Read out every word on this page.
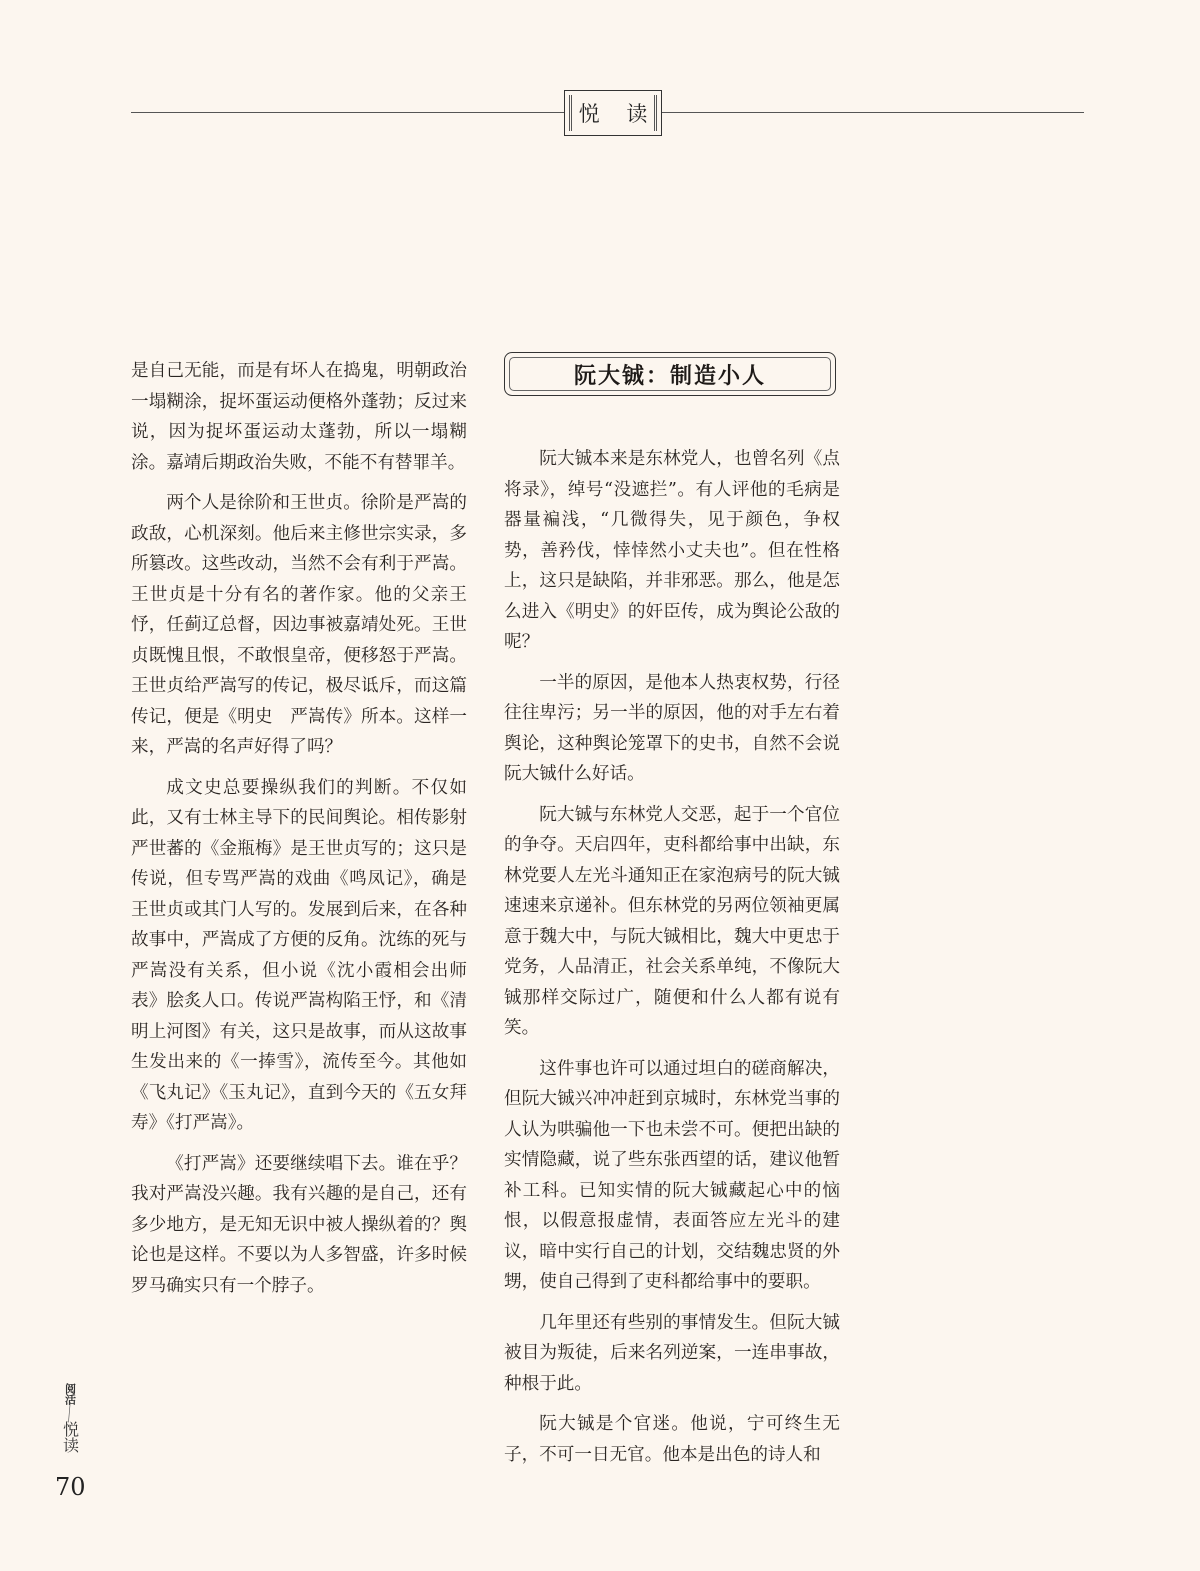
悦 读

是自己无能，而是有坏人在捣鬼，明朝政治一塌糊涂，捉坏蛋运动便格外蓬勃；反过来说，因为捉坏蛋运动太蓬勃，所以一塌糊涂。嘉靖后期政治失败，不能不有替罪羊。

两个人是徐阶和王世贞。徐阶是严嵩的政敌，心机深刻。他后来主修世宗实录，多所篡改。这些改动，当然不会有利于严嵩。王世贞是十分有名的著作家。他的父亲王忬，任蓟辽总督，因边事被嘉靖处死。王世贞既愧且恨，不敢恨皇帝，便移怒于严嵩。王世贞给严嵩写的传记，极尽诋斥，而这篇传记，便是《明史　严嵩传》所本。这样一来，严嵩的名声好得了吗？

成文史总要操纵我们的判断。不仅如此，又有士林主导下的民间舆论。相传影射严世蕃的《金瓶梅》是王世贞写的；这只是传说，但专骂严嵩的戏曲《鸣凤记》，确是王世贞或其门人写的。发展到后来，在各种故事中，严嵩成了方便的反角。沈练的死与严嵩没有关系，但小说《沈小霞相会出师表》脍炙人口。传说严嵩构陷王忬，和《清明上河图》有关，这只是故事，而从这故事生发出来的《一捧雪》，流传至今。其他如《飞丸记》《玉丸记》，直到今天的《五女拜寿》《打严嵩》。

《打严嵩》还要继续唱下去。谁在乎？我对严嵩没兴趣。我有兴趣的是自己，还有多少地方，是无知无识中被人操纵着的？舆论也是这样。不要以为人多智盛，许多时候罗马确实只有一个脖子。

阮大铖：制造小人

阮大铖本来是东林党人，也曾名列《点将录》，绰号“没遮拦”。有人评他的毛病是器量褊浅，“几微得失，见于颜色，争权势，善矜伐，悻悻然小丈夫也”。但在性格上，这只是缺陷，并非邪恶。那么，他是怎么进入《明史》的奸臣传，成为舆论公敌的呢？

一半的原因，是他本人热衷权势，行径往往卑污；另一半的原因，他的对手左右着舆论，这种舆论笼罩下的史书，自然不会说阮大铖什么好话。

阮大铖与东林党人交恶，起于一个官位的争夺。天启四年，吏科都给事中出缺，东林党要人左光斗通知正在家泡病号的阮大铖速速来京递补。但东林党的另两位领袖更属意于魏大中，与阮大铖相比，魏大中更忠于党务，人品清正，社会关系单纯，不像阮大铖那样交际过广，随便和什么人都有说有笑。

这件事也许可以通过坦白的磋商解决，但阮大铖兴冲冲赶到京城时，东林党当事的人认为哄骗他一下也未尝不可。便把出缺的实情隐藏，说了些东张西望的话，建议他暂补工科。已知实情的阮大铖藏起心中的恼恨，以假意报虚情，表面答应左光斗的建议，暗中实行自己的计划，交结魏忠贤的外甥，使自己得到了吏科都给事中的要职。

几年里还有些别的事情发生。但阮大铖被目为叛徒，后来名列逆案，一连串事故，种根于此。

阮大铖是个官迷。他说，宁可终生无子，不可一日无官。他本是出色的诗人和

阅活
／
悦读
70
